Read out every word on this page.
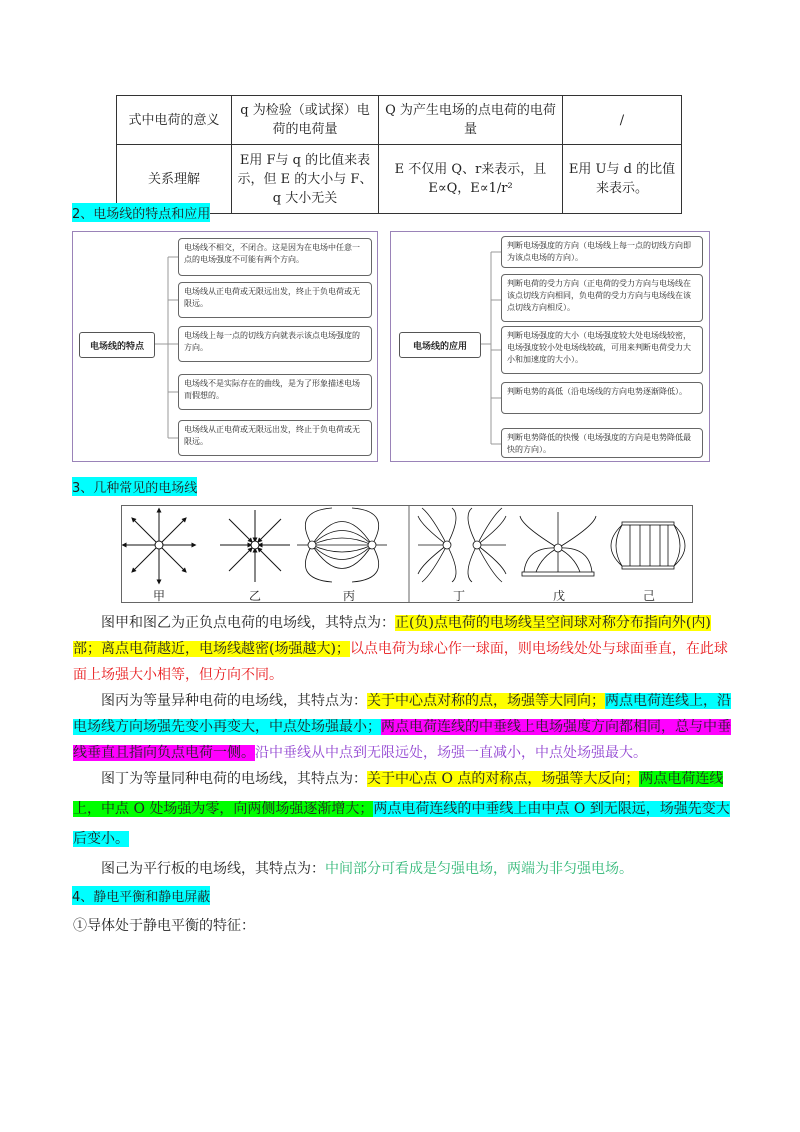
式中电荷的意义	q 为检验（或试探）电荷的电荷量	Q 为产生电场的点电荷的电荷量	/
关系理解	E用 F与 q 的比值来表示，但 E 的大小与 F、q 大小无关	E 不仅用 Q、r来表示，且
E∝Q，E∝1/r²	E用 U与 d 的比值来表示。
2、电场线的特点和应用
电场线的特点
电场线不相交，不闭合。这是因为在电场中任意一点的电场强度不可能有两个方向。
电场线从正电荷或无限远出发，终止于负电荷或无限远。
电场线上每一点的切线方向就表示该点电场强度的方向。
电场线不是实际存在的曲线，是为了形象描述电场而假想的。
电场线从正电荷或无限远出发，终止于负电荷或无限远。
电场线的应用
判断电场强度的方向（电场线上每一点的切线方向即为该点电场的方向）。
判断电荷的受力方向（正电荷的受力方向与电场线在该点切线方向相同，负电荷的受力方向与电场线在该点切线方向相反）。
判断电场强度的大小（电场强度较大处电场线较密，电场强度较小处电场线较疏，可用来判断电荷受力大小和加速度的大小）。
判断电势的高低（沿电场线的方向电势逐渐降低）。
判断电势降低的快慢（电场强度的方向是电势降低最快的方向）。
3、几种常见的电场线
甲	乙	丙	丁	戊	己
图甲和图乙为正负点电荷的电场线，其特点为：正(负)点电荷的电场线呈空间球对称分布指向外(内)部；离点电荷越近，电场线越密(场强越大)；以点电荷为球心作一球面，则电场线处处与球面垂直，在此球面上场强大小相等，但方向不同。
图丙为等量异种电荷的电场线，其特点为：关于中心点对称的点，场强等大同向；两点电荷连线上，沿电场线方向场强先变小再变大，中点处场强最小；两点电荷连线的中垂线上电场强度方向都相同，总与中垂线垂直且指向负点电荷一侧。沿中垂线从中点到无限远处，场强一直减小，中点处场强最大。
图丁为等量同种电荷的电场线，其特点为：关于中心点 O 点的对称点，场强等大反向；两点电荷连线上，中点 O 处场强为零，向两侧场强逐渐增大；两点电荷连线的中垂线上由中点 O 到无限远，场强先变大后变小。
图己为平行板的电场线，其特点为：中间部分可看成是匀强电场，两端为非匀强电场。
4、静电平衡和静电屏蔽
①导体处于静电平衡的特征：
